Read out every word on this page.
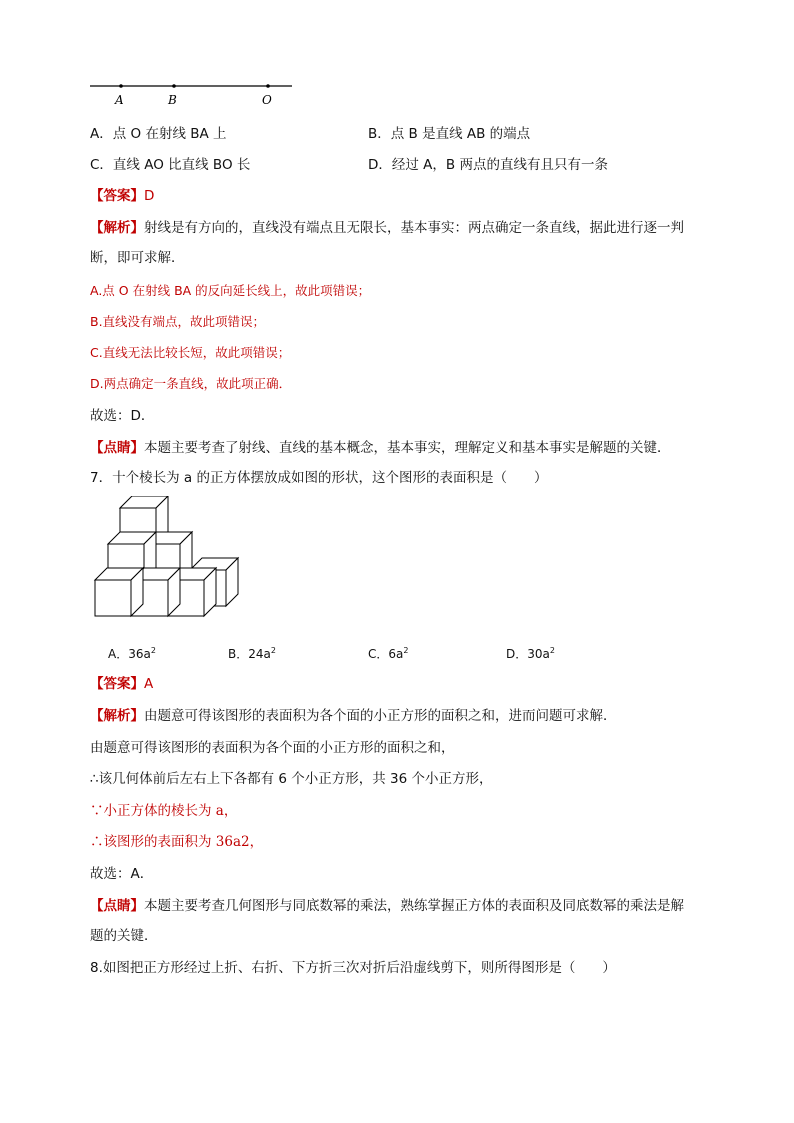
A	B	O
A．点 O 在射线 BA 上	B．点 B 是直线 AB 的端点
C．直线 AO 比直线 BO 长	D．经过 A，B 两点的直线有且只有一条
【答案】D
【解析】射线是有方向的，直线没有端点且无限长，基本事实：两点确定一条直线，据此进行逐一判
断，即可求解．
A.点 O 在射线 BA 的反向延长线上，故此项错误；
B.直线没有端点，故此项错误；
C.直线无法比较长短，故此项错误；
D.两点确定一条直线，故此项正确．
故选：D．
【点睛】本题主要考查了射线、直线的基本概念，基本事实，理解定义和基本事实是解题的关键．
7．十个棱长为 a 的正方体摆放成如图的形状，这个图形的表面积是（　　）
A．$36a^2$	B．$24a^2$	C．$6a^2$	D．$30a^2$
【答案】A
【解析】由题意可得该图形的表面积为各个面的小正方形的面积之和，进而问题可求解．
由题意可得该图形的表面积为各个面的小正方形的面积之和，
∴该几何体前后左右上下各都有 6 个小正方形，共 36 个小正方形，
∵小正方体的棱长为 a，
∴该图形的表面积为 36a2，
故选：A．
【点睛】本题主要考查几何图形与同底数幂的乘法，熟练掌握正方体的表面积及同底数幂的乘法是解
题的关键．
8.如图把正方形经过上折、右折、下方折三次对折后沿虚线剪下，则所得图形是（　　）
